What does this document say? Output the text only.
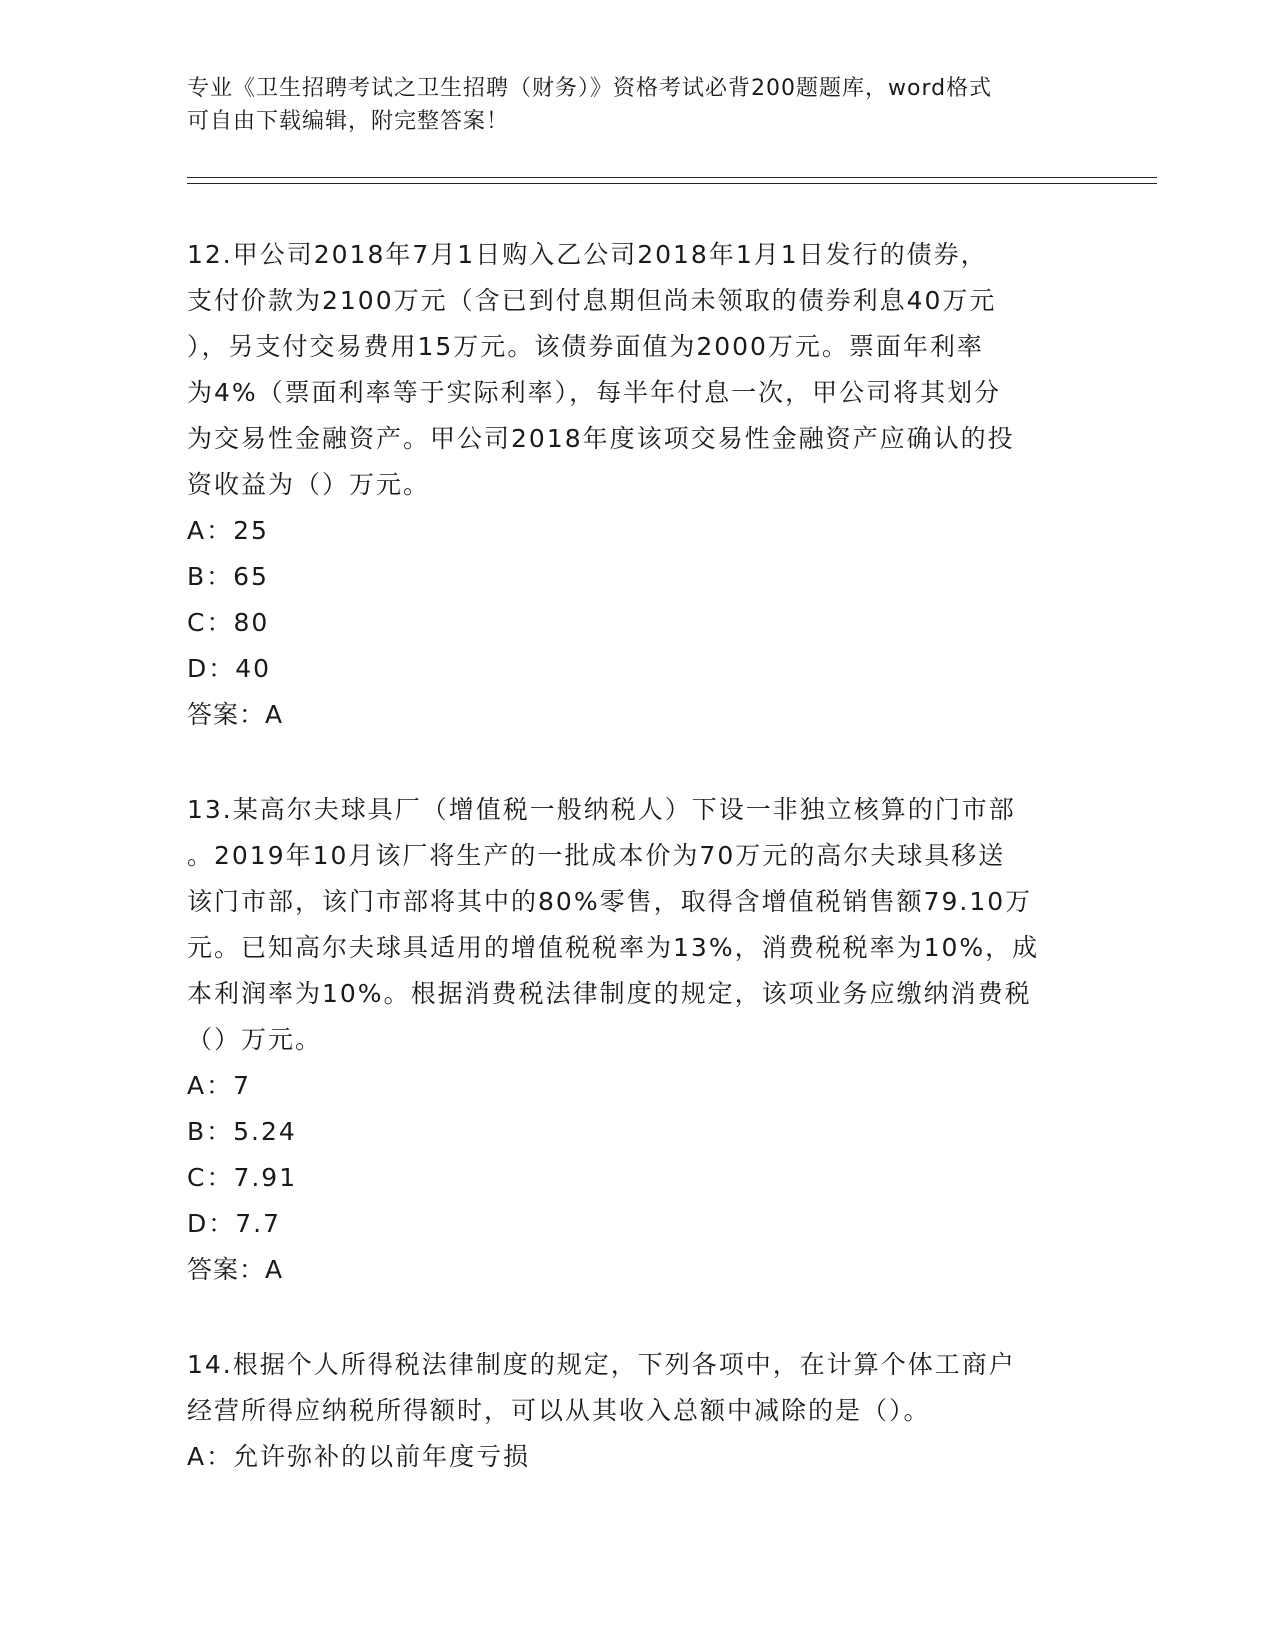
专业《卫生招聘考试之卫生招聘（财务）》资格考试必背200题题库，word格式
可自由下载编辑，附完整答案！
12.甲公司2018年7月1日购入乙公司2018年1月1日发行的债券，
支付价款为2100万元（含已到付息期但尚未领取的债券利息40万元
），另支付交易费用15万元。该债券面值为2000万元。票面年利率
为4%（票面利率等于实际利率），每半年付息一次，甲公司将其划分
为交易性金融资产。甲公司2018年度该项交易性金融资产应确认的投
资收益为（）万元。
A：25
B：65
C：80
D：40
答案：A
13.某高尔夫球具厂（增值税一般纳税人）下设一非独立核算的门市部
。2019年10月该厂将生产的一批成本价为70万元的高尔夫球具移送
该门市部，该门市部将其中的80%零售，取得含增值税销售额79.10万
元。已知高尔夫球具适用的增值税税率为13%，消费税税率为10%，成
本利润率为10%。根据消费税法律制度的规定，该项业务应缴纳消费税
（）万元。
A：7
B：5.24
C：7.91
D：7.7
答案：A
14.根据个人所得税法律制度的规定，下列各项中，在计算个体工商户
经营所得应纳税所得额时，可以从其收入总额中减除的是（）。
A：允许弥补的以前年度亏损
